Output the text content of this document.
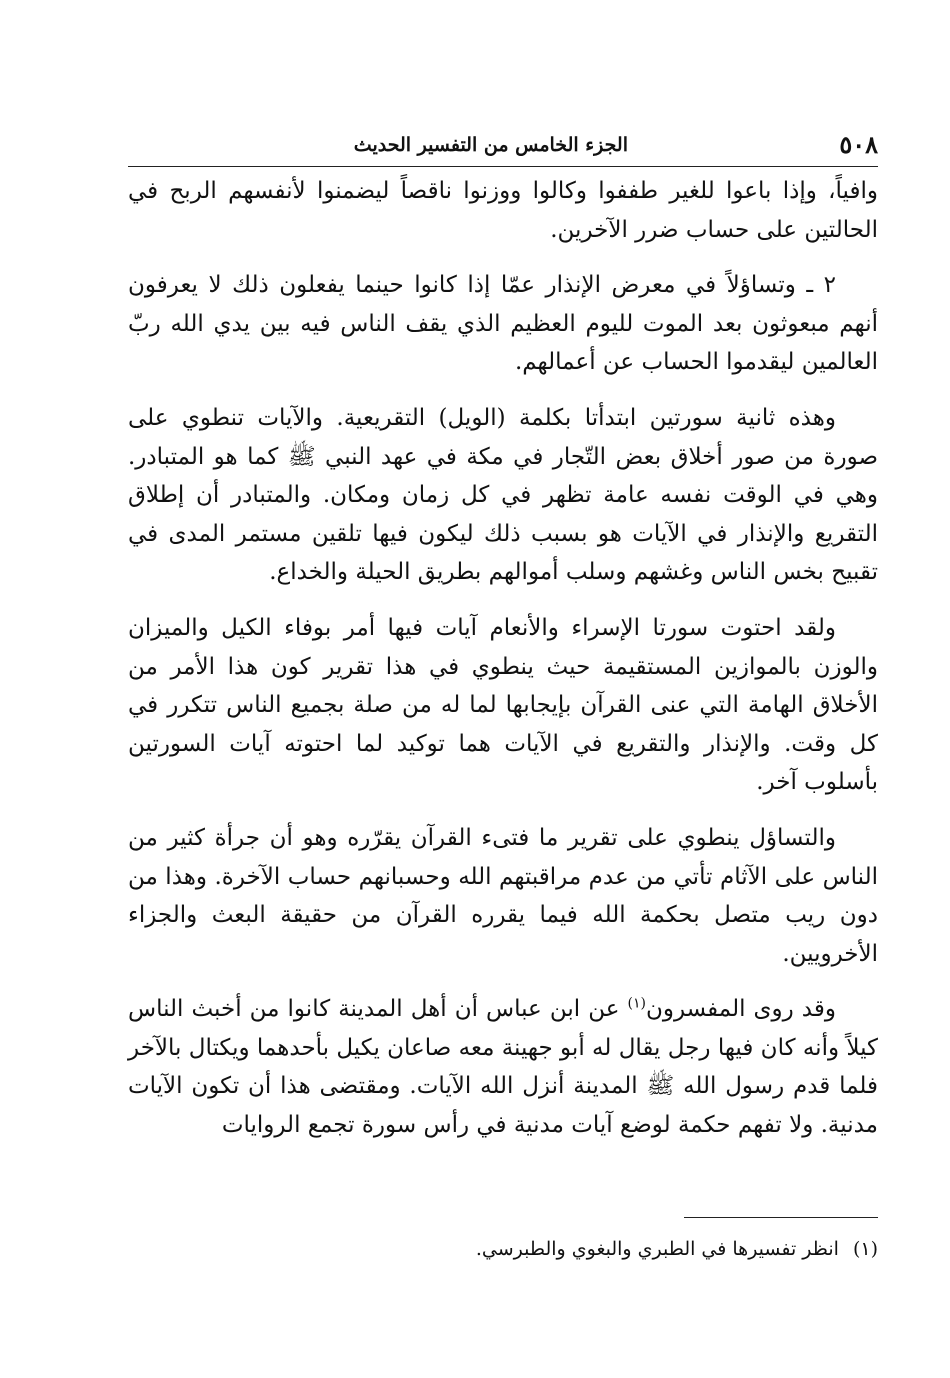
٥٠٨
الجزء الخامس من التفسير الحديث

وافياً، وإذا باعوا للغير طففوا وكالوا ووزنوا ناقصاً ليضمنوا لأنفسهم الربح في الحالتين على حساب ضرر الآخرين.

٢ ـ وتساؤلاً في معرض الإنذار عمّا إذا كانوا حينما يفعلون ذلك لا يعرفون أنهم مبعوثون بعد الموت لليوم العظيم الذي يقف الناس فيه بين يدي الله ربّ العالمين ليقدموا الحساب عن أعمالهم.

وهذه ثانية سورتين ابتدأتا بكلمة (الويل) التقريعية. والآيات تنطوي على صورة من صور أخلاق بعض التّجار في مكة في عهد النبي ﷺ كما هو المتبادر. وهي في الوقت نفسه عامة تظهر في كل زمان ومكان. والمتبادر أن إطلاق التقريع والإنذار في الآيات هو بسبب ذلك ليكون فيها تلقين مستمر المدى في تقبيح بخس الناس وغشهم وسلب أموالهم بطريق الحيلة والخداع.

ولقد احتوت سورتا الإسراء والأنعام آيات فيها أمر بوفاء الكيل والميزان والوزن بالموازين المستقيمة حيث ينطوي في هذا تقرير كون هذا الأمر من الأخلاق الهامة التي عنى القرآن بإيجابها لما له من صلة بجميع الناس تتكرر في كل وقت. والإنذار والتقريع في الآيات هما توكيد لما احتوته آيات السورتين بأسلوب آخر.

والتساؤل ينطوي على تقرير ما فتىء القرآن يقرّره وهو أن جرأة كثير من الناس على الآثام تأتي من عدم مراقبتهم الله وحسبانهم حساب الآخرة. وهذا من دون ريب متصل بحكمة الله فيما يقرره القرآن من حقيقة البعث والجزاء الأخرويين.

وقد روى المفسرون$^{(١)}$ عن ابن عباس أن أهل المدينة كانوا من أخبث الناس كيلاً وأنه كان فيها رجل يقال له أبو جهينة معه صاعان يكيل بأحدهما ويكتال بالآخر فلما قدم رسول الله ﷺ المدينة أنزل الله الآيات. ومقتضى هذا أن تكون الآيات مدنية. ولا تفهم حكمة لوضع آيات مدنية في رأس سورة تجمع الروايات

(١)انظر تفسيرها في الطبري والبغوي والطبرسي.
